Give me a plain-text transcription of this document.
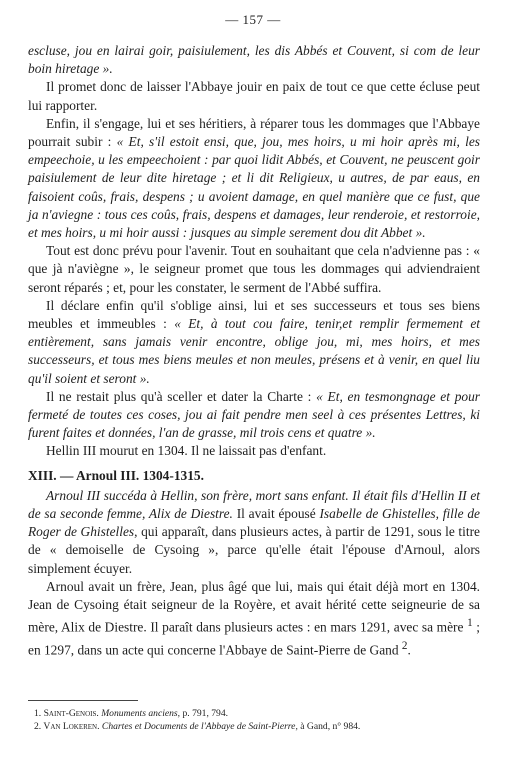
— 157 —

escluse, jou en lairai goir, paisiulement, les dis Abbés et Couvent, si com de leur boin hiretage ».

Il promet donc de laisser l'Abbaye jouir en paix de tout ce que cette écluse peut lui rapporter.

Enfin, il s'engage, lui et ses héritiers, à réparer tous les dommages que l'Abbaye pourrait subir : « Et, s'il estoit ensi, que, jou, mes hoirs, u mi hoir après mi, les empeechoie, u les empeechoient : par quoi lidit Abbés, et Couvent, ne peuscent goir paisiulement de leur dite hiretage ; et li dit Religieux, u autres, de par eaus, en faisoient coûs, frais, despens ; u avoient damage, en quel manière que ce fust, que ja n'aviegne : tous ces coûs, frais, despens et damages, leur renderoie, et restorroie, et mes hoirs, u mi hoir aussi : jusques au simple serement dou dit Abbet ».

Tout est donc prévu pour l'avenir. Tout en souhaitant que cela n'advienne pas : « que jà n'aviègne », le seigneur promet que tous les dommages qui adviendraient seront réparés ; et, pour les constater, le serment de l'Abbé suffira.

Il déclare enfin qu'il s'oblige ainsi, lui et ses successeurs et tous ses biens meubles et immeubles : « Et, à tout cou faire, tenir,et remplir fermement et entièrement, sans jamais venir encontre, oblige jou, mi, mes hoirs, et mes successeurs, et tous mes biens meules et non meules, présens et à venir, en quel liu qu'il soient et seront ».

Il ne restait plus qu'à sceller et dater la Charte : « Et, en tesmongnage et pour fermeté de toutes ces coses, jou ai fait pendre men seel à ces présentes Lettres, ki furent faites et données, l'an de grasse, mil trois cens et quatre ».

Hellin III mourut en 1304. Il ne laissait pas d'enfant.

XIII. — Arnoul III. 1304-1315.

Arnoul III succéda à Hellin, son frère, mort sans enfant. Il était fils d'Hellin II et de sa seconde femme, Alix de Diestre. Il avait épousé Isabelle de Ghistelles, fille de Roger de Ghistelles, qui apparaît, dans plusieurs actes, à partir de 1291, sous le titre de « demoiselle de Cysoing », parce qu'elle était l'épouse d'Arnoul, alors simplement écuyer.

Arnoul avait un frère, Jean, plus âgé que lui, mais qui était déjà mort en 1304. Jean de Cysoing était seigneur de la Royère, et avait hérité cette seigneurie de sa mère, Alix de Diestre. Il paraît dans plusieurs actes : en mars 1291, avec sa mère $^1$ ; en 1297, dans un acte qui concerne l'Abbaye de Saint-Pierre de Gand $^2$.

1. Saint-Genois. Monuments anciens, p. 791, 794.

2. Van Lokeren. Chartes et Documents de l'Abbaye de Saint-Pierre, à Gand, n° 984.
